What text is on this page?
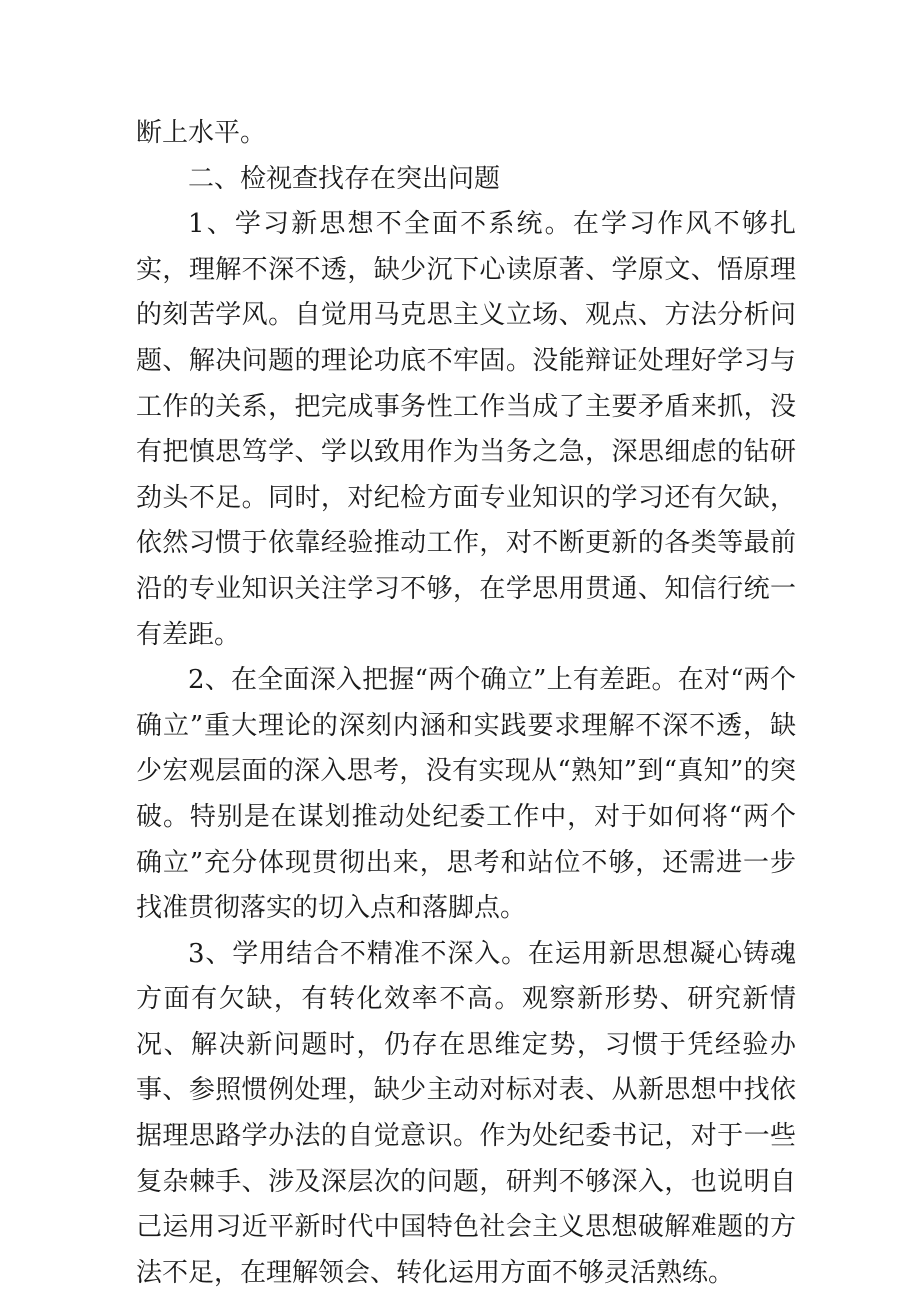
断上水平。

二、检视查找存在突出问题

1、学习新思想不全面不系统。在学习作风不够扎实，理解不深不透，缺少沉下心读原著、学原文、悟原理的刻苦学风。自觉用马克思主义立场、观点、方法分析问题、解决问题的理论功底不牢固。没能辩证处理好学习与工作的关系，把完成事务性工作当成了主要矛盾来抓，没有把慎思笃学、学以致用作为当务之急，深思细虑的钻研劲头不足。同时，对纪检方面专业知识的学习还有欠缺，依然习惯于依靠经验推动工作，对不断更新的各类等最前沿的专业知识关注学习不够，在学思用贯通、知信行统一有差距。

2、在全面深入把握“两个确立”上有差距。在对“两个确立”重大理论的深刻内涵和实践要求理解不深不透，缺少宏观层面的深入思考，没有实现从“熟知”到“真知”的突破。特别是在谋划推动处纪委工作中，对于如何将“两个确立”充分体现贯彻出来，思考和站位不够，还需进一步找准贯彻落实的切入点和落脚点。

3、学用结合不精准不深入。在运用新思想凝心铸魂方面有欠缺，有转化效率不高。观察新形势、研究新情况、解决新问题时，仍存在思维定势，习惯于凭经验办事、参照惯例处理，缺少主动对标对表、从新思想中找依据理思路学办法的自觉意识。作为处纪委书记，对于一些复杂棘手、涉及深层次的问题，研判不够深入，也说明自己运用习近平新时代中国特色社会主义思想破解难题的方法不足，在理解领会、转化运用方面不够灵活熟练。
